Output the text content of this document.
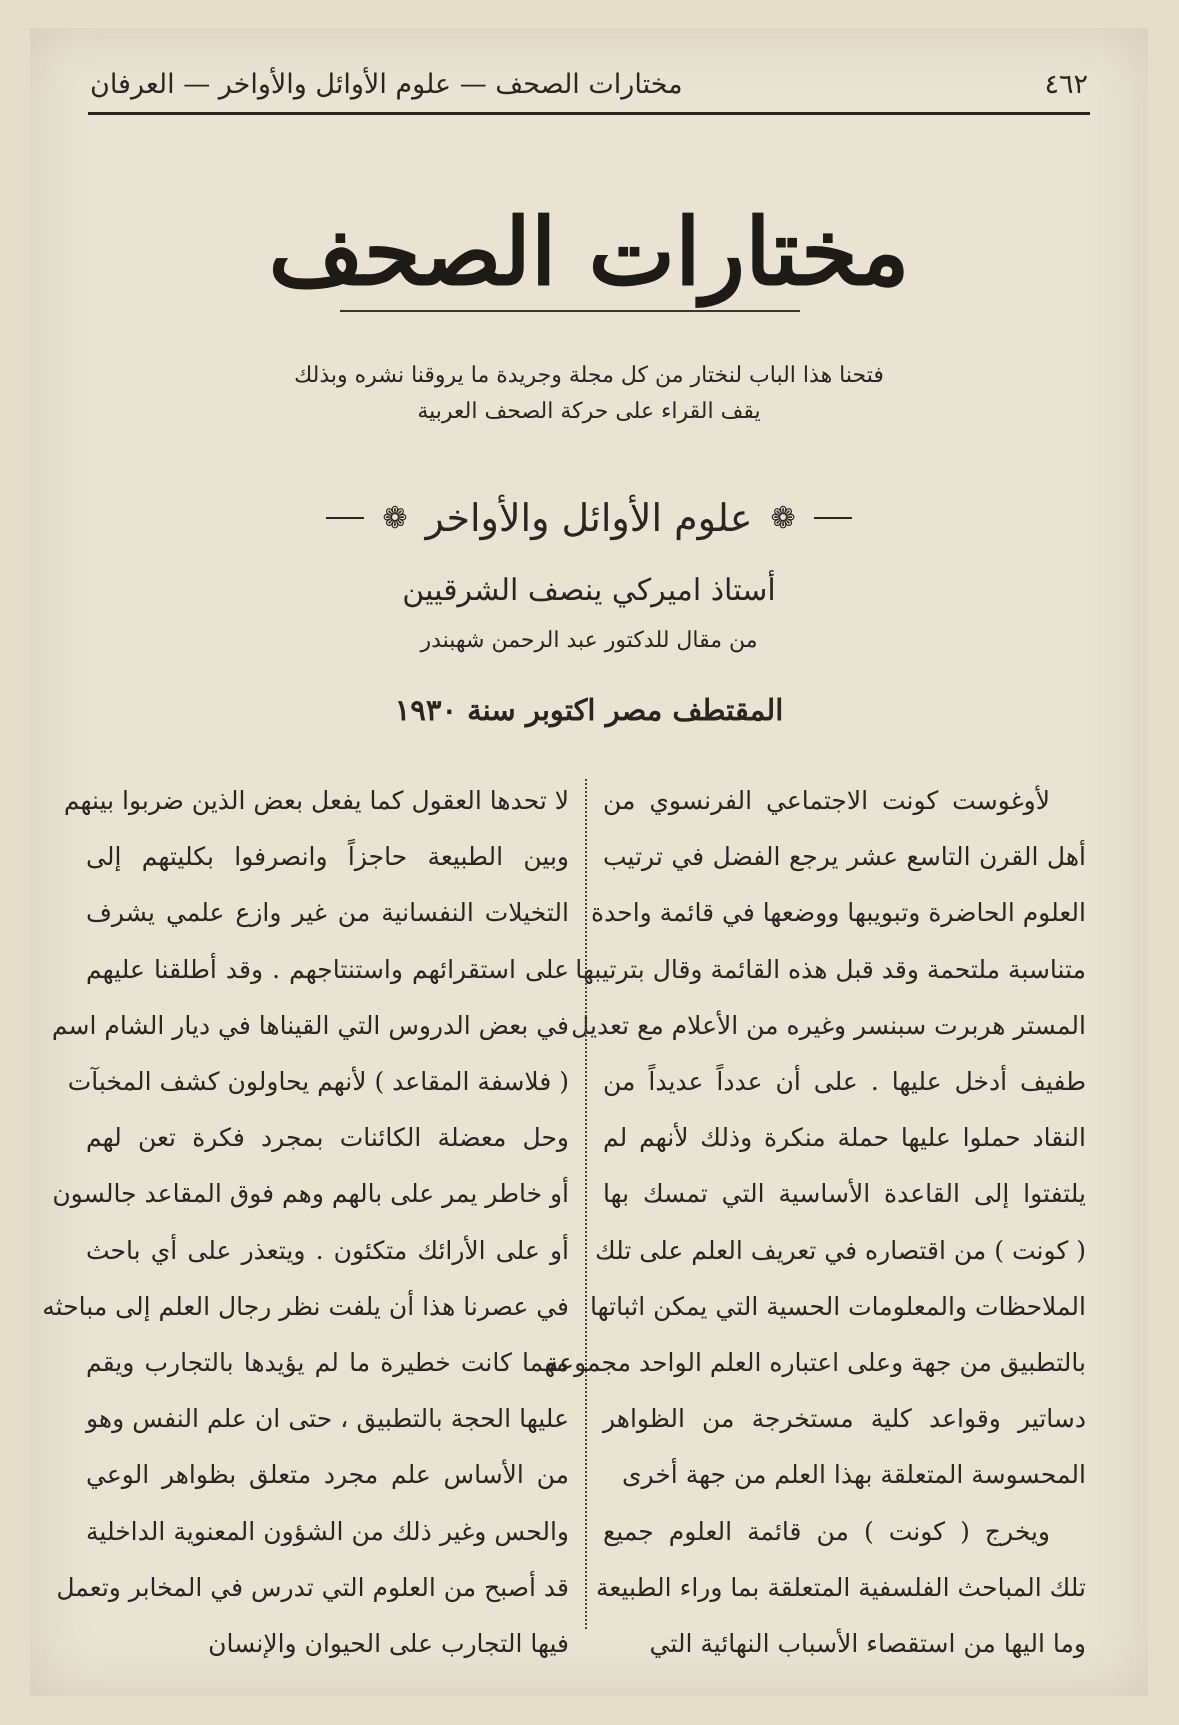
٤٦٢
مختارات الصحف — علوم الأوائل والأواخر — العرفان
مختارات الصحف
فتحنا هذا الباب لنختار من كل مجلة وجريدة ما يروقنا نشره وبذلك
يقف القراء على حركة الصحف العربية
❁
علوم الأوائل والأواخر
❁
أستاذ اميركي ينصف الشرقيين
من مقال للدكتور عبد الرحمن شهبندر
المقتطف مصر اكتوبر سنة ١٩٣٠
لأوغوست كونت الاجتماعي الفرنسوي من
أهل القرن التاسع عشر يرجع الفضل في ترتيب
العلوم الحاضرة وتبويبها ووضعها في قائمة واحدة
متناسبة ملتحمة وقد قبل هذه القائمة وقال بترتيبها
المستر هربرت سبنسر وغيره من الأعلام مع تعديل
طفيف أدخل عليها . على أن عدداً عديداً من
النقاد حملوا عليها حملة منكرة وذلك لأنهم لم
يلتفتوا إلى القاعدة الأساسية التي تمسك بها
( كونت ) من اقتصاره في تعريف العلم على تلك
الملاحظات والمعلومات الحسية التي يمكن اثباتها
بالتطبيق من جهة وعلى اعتباره العلم الواحد مجموعة
دساتير وقواعد كلية مستخرجة من الظواهر
المحسوسة المتعلقة بهذا العلم من جهة أخرى
ويخرج ( كونت ) من قائمة العلوم جميع
تلك المباحث الفلسفية المتعلقة بما وراء الطبيعة
وما اليها من استقصاء الأسباب النهائية التي
لا تحدها العقول كما يفعل بعض الذين ضربوا بينهم
وبين الطبيعة حاجزاً وانصرفوا بكليتهم إلى
التخيلات النفسانية من غير وازع علمي يشرف
على استقرائهم واستنتاجهم . وقد أطلقنا عليهم
في بعض الدروس التي القيناها في ديار الشام اسم
( فلاسفة المقاعد ) لأنهم يحاولون كشف المخبآت
وحل معضلة الكائنات بمجرد فكرة تعن لهم
أو خاطر يمر على بالهم وهم فوق المقاعد جالسون
أو على الأرائك متكئون . ويتعذر على أي باحث
في عصرنا هذا أن يلفت نظر رجال العلم إلى مباحثه
مهما كانت خطيرة ما لم يؤيدها بالتجارب ويقم
عليها الحجة بالتطبيق ، حتى ان علم النفس وهو
من الأساس علم مجرد متعلق بظواهر الوعي
والحس وغير ذلك من الشؤون المعنوية الداخلية
قد أصبح من العلوم التي تدرس في المخابر وتعمل
فيها التجارب على الحيوان والإنسان
